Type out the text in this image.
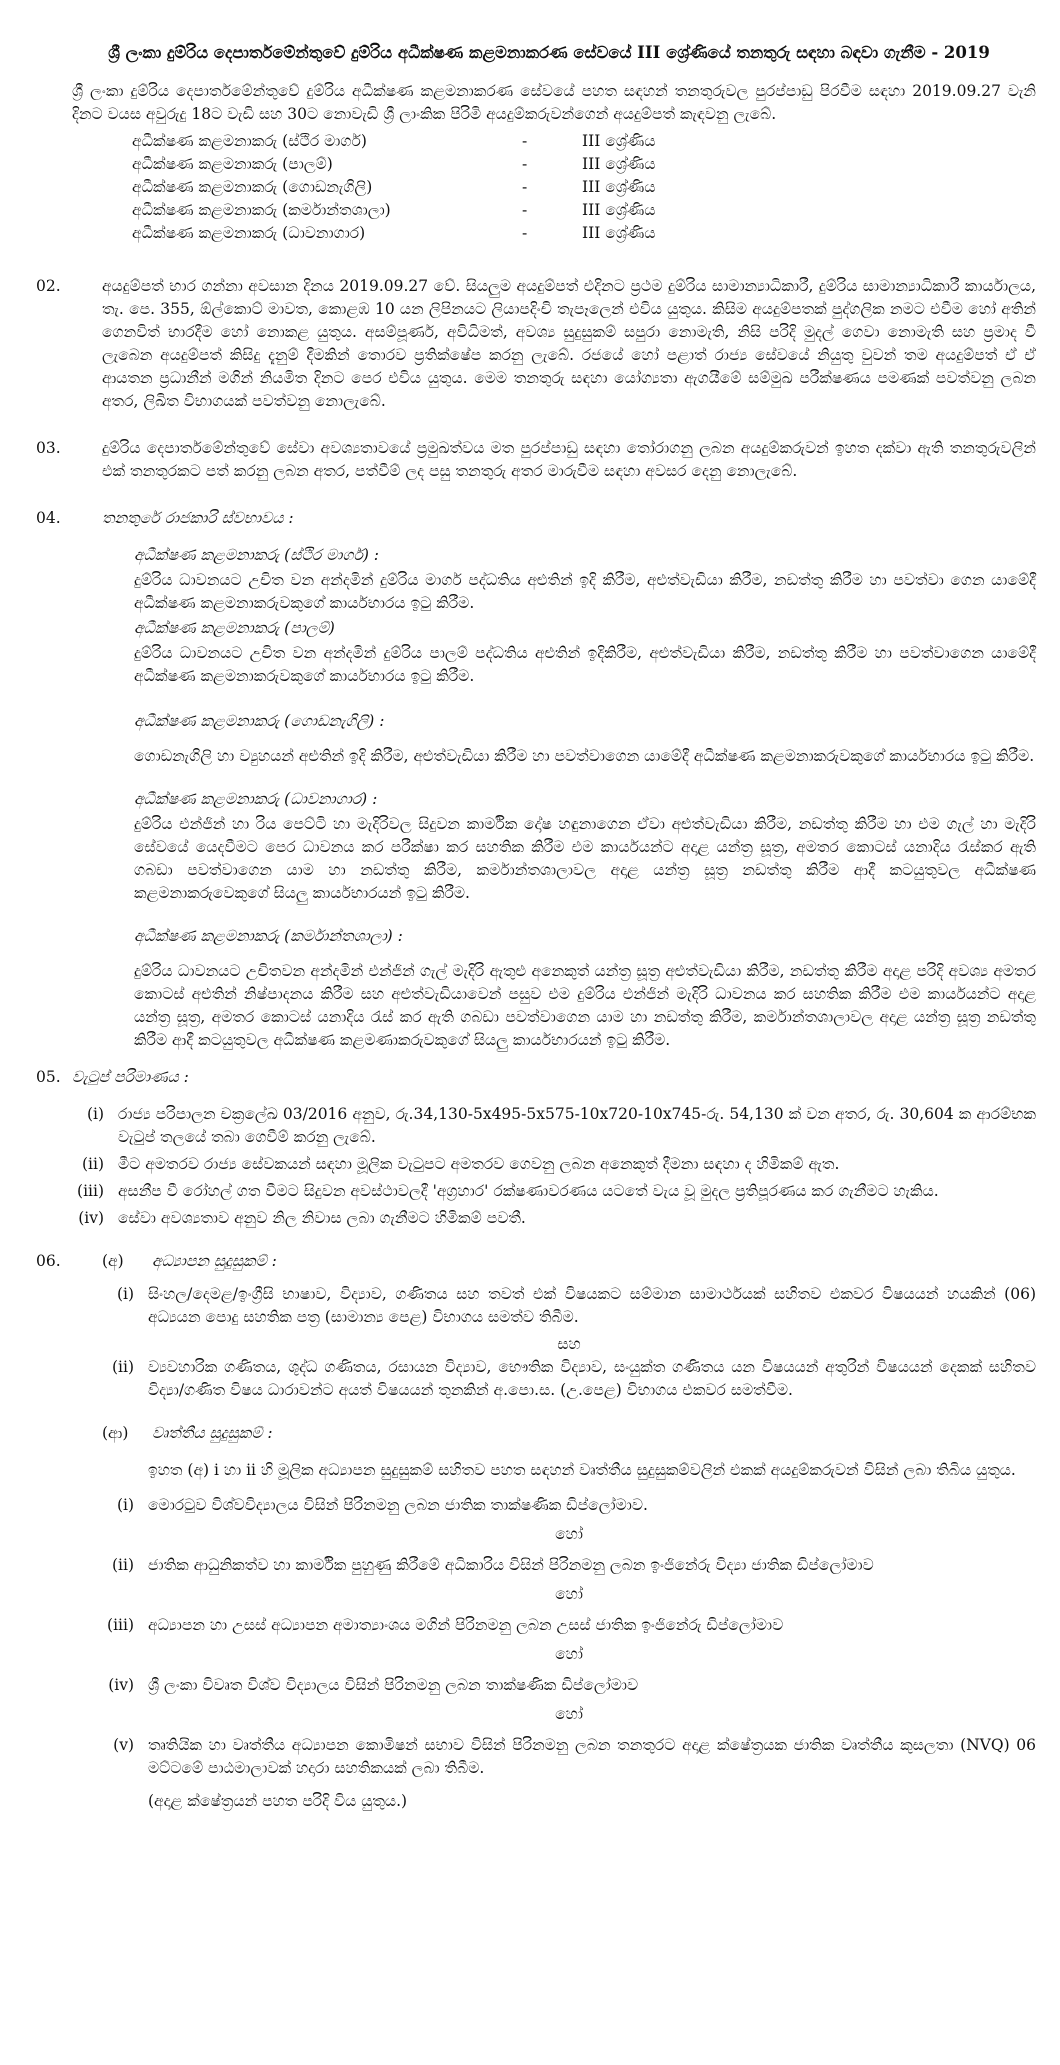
ශ්‍රී ලංකා දුම්රිය දෙපාර්තමේන්තුවේ දුම්රිය අධීක්ෂණ කළමනාකරණ සේවයේ III ශ්‍රේණියේ තනතුරු සඳහා බඳවා ගැනීම - 2019

ශ්‍රී ලංකා දුම්රිය දෙපාර්තමේන්තුවේ දුම්රිය අධීක්ෂණ කළමනාකරණ සේවයේ පහත සඳහන් තනතුරුවල පුරප්පාඩු පිරවීම සඳහා 2019.09.27 වැනි දිනට වයස අවුරුදු 18ට වැඩි සහ 30ට නොවැඩි ශ්‍රී ලාංකික පිරිමි අයදුම්කරුවන්ගෙන් අයදුම්පත් කැඳවනු ලැබේ.

අධීක්ෂණ කළමනාකරු (ස්ථිර මාර්ග)	-	III ශ්‍රේණිය
අධීක්ෂණ කළමනාකරු (පාලම්)	-	III ශ්‍රේණිය
අධීක්ෂණ කළමනාකරු (ගොඩනැගිලි)	-	III ශ්‍රේණිය
අධීක්ෂණ කළමනාකරු (කර්මාන්තශාලා)	-	III ශ්‍රේණිය
අධීක්ෂණ කළමනාකරු (ධාවනාගාර)	-	III ශ්‍රේණිය
02.	අයදුම්පත් භාර ගන්නා අවසාන දිනය 2019.09.27 වේ. සියලුම අයදුම්පත් එදිනට ප්‍රථම දුම්රිය සාමාන්‍යාධිකාරී, දුම්රිය සාමාන්‍යාධිකාරී කාර්යාලය, තැ. පෙ. 355, ඕල්කොට් මාවත, කොළඹ 10 යන ලිපිනයට ලියාපදිංචි තැපෑලෙන් එවිය යුතුය. කිසිම අයදුම්පතක් පුද්ගලික නමට එවීම හෝ අතින් ගෙනවිත් භාරදීම හෝ නොකළ යුතුය. අසම්පූර්ණ, අවිධිමත්, අවශ්‍ය සුදුසුකම් සපුරා නොමැති, නිසි පරිදි මුදල් ගෙවා නොමැති සහ ප්‍රමාද වී ලැබෙන අයදුම්පත් කිසිදු දැනුම් දීමකින් තොරව ප්‍රතික්ෂේප කරනු ලැබේ. රජයේ හෝ පළාත් රාජ්‍ය සේවයේ නියුතු වුවන් තම අයදුම්පත් ඒ ඒ ආයතන ප්‍රධානීන් මගින් නියමිත දිනට පෙර එවිය යුතුය. මෙම තනතුරු සඳහා යෝග්‍යතා ඇගයීමේ සම්මුඛ පරීක්ෂණය පමණක් පවත්වනු ලබන අතර, ලිඛිත විභාගයක් පවත්වනු නොලැබේ.

03.	දුම්රිය දෙපාර්තමේන්තුවේ සේවා අවශ්‍යතාවයේ ප්‍රමුඛත්වය මත පුරප්පාඩු සඳහා තෝරාගනු ලබන අයදුම්කරුවන් ඉහත දක්වා ඇති තනතුරුවලින් එක් තනතුරකට පත් කරනු ලබන අතර, පත්වීම් ලද පසු තනතුරු අතර මාරුවීම සඳහා අවසර දෙනු නොලැබේ.

04.	තනතුරේ රාජකාරි ස්වභාවය :
අධීක්ෂණ කළමනාකරු (ස්ථිර මාර්ග) :

දුම්රිය ධාවනයට උචිත වන අන්දමින් දුම්රිය මාර්ග පද්ධතිය අළුතින් ඉදි කිරීම, අළුත්වැඩියා කිරීම, නඩත්තු කිරීම හා පවත්වා ගෙන යාමේදී අධීක්ෂණ කළමනාකරුවකුගේ කාර්යභාරය ඉටු කිරීම.

අධීක්ෂණ කළමනාකරු (පාලම්)

දුම්රිය ධාවනයට උචිත වන අන්දමින් දුම්රිය පාලම් පද්ධතිය අළුතින් ඉදිකිරීම, අළුත්වැඩියා කිරීම, නඩත්තු කිරීම හා පවත්වාගෙන යාමේදී අධීක්ෂණ කළමනාකරුවකුගේ කාර්යභාරය ඉටු කිරීම.

අධීක්ෂණ කළමනාකරු (ගොඩනැගිලි) :

ගොඩනැගිලි හා ව්‍යුහයන් අළුතින් ඉදි කිරීම, අළුත්වැඩියා කිරීම හා පවත්වාගෙන යාමේදී අධීක්ෂණ කළමනාකරුවකුගේ කාර්යභාරය ඉටු කිරීම.

අධීක්ෂණ කළමනාකරු (ධාවනාගාර) :

දුම්රිය එන්ජින් හා රිය පෙට්ටි හා මැදිරිවල සිදුවන කාර්මික දෝෂ හඳුනාගෙන ඒවා අළුත්වැඩියා කිරීම, නඩත්තු කිරීම හා එම ගැල් හා මැදිරි සේවයේ යෙදවීමට පෙර ධාවනය කර පරීක්ෂා කර සහතික කිරීම එම කාර්යයන්ට අදාළ යන්ත්‍ර සූත්‍ර, අමතර කොටස් යනාදිය රැස්කර ඇති ගබඩා පවත්වාගෙන යාම හා නඩත්තු කිරීම, කර්මාන්තශාලාවල අදාළ යන්ත්‍ර සූත්‍ර නඩත්තු කිරීම ආදී කටයුතුවල අධීක්ෂණ කළමනාකරුවෙකුගේ සියලු කාර්යභාරයන් ඉටු කිරීම.

අධීක්ෂණ කළමනාකරු (කර්මාන්තශාලා) :

දුම්රිය ධාවනයට උචිතවන අන්දමින් එන්ජින් ගැල් මැදිරි ඇතුළු අනෙකුත් යන්ත්‍ර සූත්‍ර අළුත්වැඩියා කිරීම, නඩත්තු කිරීම අදාළ පරිදි අවශ්‍ය අමතර කොටස් අළුතින් නිෂ්පාදනය කිරීම සහ අළුත්වැඩියාවෙන් පසුව එම දුම්රිය එන්ජින් මැදිරි ධාවනය කර සහතික කිරීම එම කාර්යයන්ට අදාළ යන්ත්‍ර සූත්‍ර, අමතර කොටස් යනාදිය රැස් කර ඇති ගබඩා පවත්වාගෙන යාම හා නඩත්තු කිරීම, කර්මාන්තශාලාවල අදාළ යන්ත්‍ර සූත්‍ර නඩත්තු කිරීම ආදී කටයුතුවල අධීක්ෂණ කළමණාකරුවකුගේ සියලු කාර්යභාරයන් ඉටු කිරීම.

05. වැටුප් පරිමාණය :
(i) රාජ්‍ය පරිපාලන චක්‍රලේඛ 03/2016 අනුව, රු.34,130-5x495-5x575-10x720-10x745-රු. 54,130 ක් වන අතර, රු. 30,604 ක ආරම්භක වැටුප් තලයේ තබා ගෙවීම් කරනු ලැබේ.
(ii) මීට අමතරව රාජ්‍ය සේවකයන් සඳහා මූලික වැටුපට අමතරව ගෙවනු ලබන අනෙකුත් දීමනා සඳහා ද හිමිකම් ඇත.
(iii) අසනීප වී රෝහල් ගත වීමට සිදුවන අවස්ථාවලදී 'අග්‍රහාර' රක්ෂණාවරණය යටතේ වැය වූ මුදල ප්‍රතිපූරණය කර ගැනීමට හැකිය.
(iv) සේවා අවශ්‍යතාව අනුව නිල නිවාස ලබා ගැනීමට හිමිකම් පවතී.
06.	(අ)	අධ්‍යාපන සුදුසුකම් :
(i) සිංහල/දෙමළ/ඉංග්‍රීසි භාෂාව, විද්‍යාව, ගණිතය සහ තවත් එක් විෂයකට සම්මාන සාමාර්ථයක් සහිතව එකවර විෂයයන් හයකින් (06) අධ්‍යයන පොදු සහතික පත්‍ර (සාමාන්‍ය පෙළ) විභාගය සමත්ව තිබීම.
සහ
(ii) ව්‍යවහාරික ගණිතය, ශුද්ධ ගණිතය, රසායන විද්‍යාව, භෞතික විද්‍යාව, සංයුක්ත ගණිතය යන විෂයයන් අතුරින් විෂයයන් දෙකක් සහිතව විද්‍යා/ගණිත විෂය ධාරාවන්ට අයත් විෂයයන් තුනකින් අ.පො.ස. (උ.පෙළ) විභාගය එකවර සමත්වීම.
(ආ)	වෘත්තීය සුදුසුකම් :

ඉහත (අ) i හා ii හි මූලික අධ්‍යාපන සුදුසුකම් සහිතව පහත සඳහන් වෘත්තීය සුදුසුකම්වලින් එකක් අයදුම්කරුවන් විසින් ලබා තිබිය යුතුය.

(i) මොරටුව විශ්වවිද්‍යාලය විසින් පිරිනමනු ලබන ජාතික තාක්ෂණික ඩිප්ලෝමාව.
හෝ
(ii) ජාතික ආධුනිකත්ව හා කාර්මික පුහුණු කිරීමේ අධිකාරිය විසින් පිරිනමනු ලබන ඉංජිනේරු විද්‍යා ජාතික ඩිප්ලෝමාව
හෝ
(iii) අධ්‍යාපන හා උසස් අධ්‍යාපන අමාත්‍යාංශය මගින් පිරිනමනු ලබන උසස් ජාතික ඉංජිනේරු ඩිප්ලෝමාව
හෝ
(iv) ශ්‍රී ලංකා විවෘත විශ්ව විද්‍යාලය විසින් පිරිනමනු ලබන තාක්ෂණික ඩිප්ලෝමාව
හෝ
(v) තෘතියික හා වෘත්තීය අධ්‍යාපන කොමිෂන් සභාව විසින් පිරිනමනු ලබන තනතුරට අදාළ ක්ෂේත්‍රයක ජාතික වෘත්තීය කුසලතා (NVQ) 06 මට්ටමේ පාඨමාලාවක් හදාරා සහතිකයක් ලබා තිබීම.
(අදාළ ක්ෂේත්‍රයන් පහත පරිදි විය යුතුය.)
